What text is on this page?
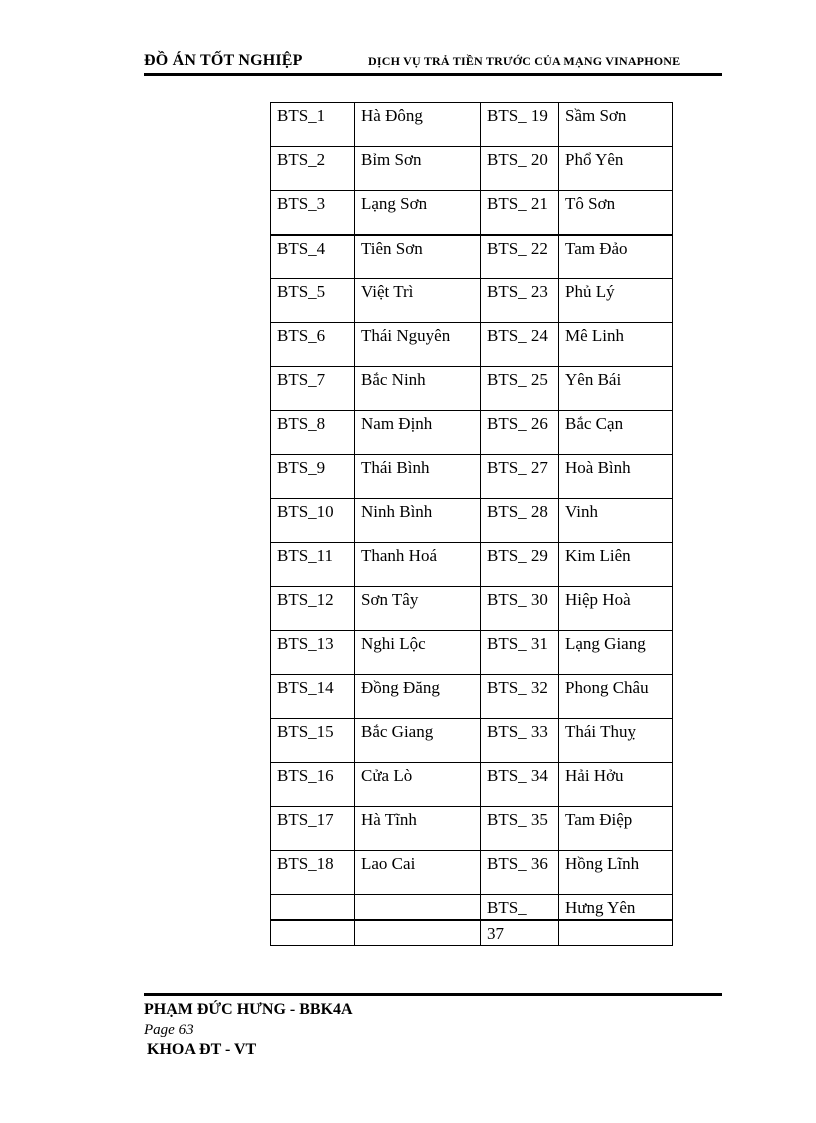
ĐỒ ÁN TỐT NGHIỆP	DỊCH VỤ TRẢ TIỀN TRƯỚC CỦA MẠNG VINAPHONE
BTS_1	Hà Đông	BTS_ 19	Sầm Sơn
BTS_2	Bỉm Sơn	BTS_ 20	Phổ Yên
BTS_3	Lạng Sơn	BTS_ 21	Tô Sơn
BTS_4	Tiên Sơn	BTS_ 22	Tam Đảo
BTS_5	Việt Trì	BTS_ 23	Phủ Lý
BTS_6	Thái Nguyên	BTS_ 24	Mê Linh
BTS_7	Bắc Ninh	BTS_ 25	Yên Bái
BTS_8	Nam Định	BTS_ 26	Bắc Cạn
BTS_9	Thái Bình	BTS_ 27	Hoà Bình
BTS_10	Ninh Bình	BTS_ 28	Vinh
BTS_11	Thanh Hoá	BTS_ 29	Kim Liên
BTS_12	Sơn Tây	BTS_ 30	Hiệp Hoà
BTS_13	Nghi Lộc	BTS_ 31	Lạng Giang
BTS_14	Đồng Đăng	BTS_ 32	Phong Châu
BTS_15	Bắc Giang	BTS_ 33	Thái Thuỵ
BTS_16	Cửa Lò	BTS_ 34	Hải Hởu
BTS_17	Hà Tĩnh	BTS_ 35	Tam Điệp
BTS_18	Lao Cai	BTS_ 36	Hồng Lĩnh
		BTS_	Hưng Yên
		37	
PHẠM ĐỨC HƯNG - BBK4A
Page 63
KHOA ĐT - VT
